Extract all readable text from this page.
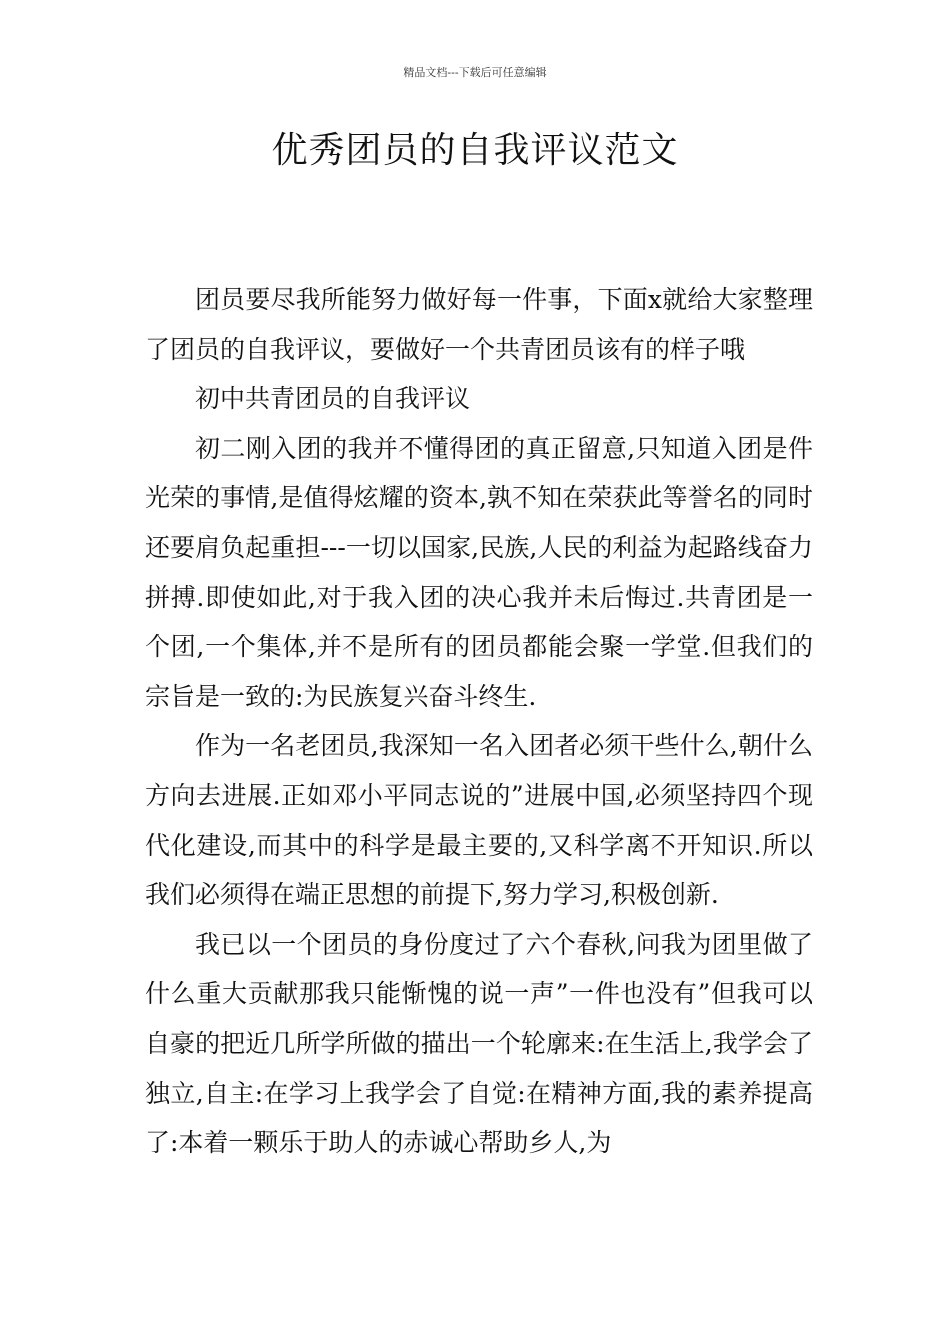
精品文档---下载后可任意编辑
优秀团员的自我评议范文

团员要尽我所能努力做好每一件事，下面x就给大家整理了团员的自我评议，要做好一个共青团员该有的样子哦

初中共青团员的自我评议

初二刚入团的我并不懂得团的真正留意,只知道入团是件光荣的事情,是值得炫耀的资本,孰不知在荣获此等誉名的同时还要肩负起重担---一切以国家,民族,人民的利益为起路线奋力拼搏.即使如此,对于我入团的决心我并未后悔过.共青团是一个团,一个集体,并不是所有的团员都能会聚一学堂.但我们的宗旨是一致的:为民族复兴奋斗终生.

作为一名老团员,我深知一名入团者必须干些什么,朝什么方向去进展.正如邓小平同志说的”进展中国,必须坚持四个现代化建设,而其中的科学是最主要的,又科学离不开知识.所以我们必须得在端正思想的前提下,努力学习,积极创新.

我已以一个团员的身份度过了六个春秋,问我为团里做了什么重大贡献那我只能惭愧的说一声”一件也没有”但我可以自豪的把近几所学所做的描出一个轮廓来:在生活上,我学会了独立,自主:在学习上我学会了自觉:在精神方面,我的素养提高了:本着一颗乐于助人的赤诚心帮助乡人,为
